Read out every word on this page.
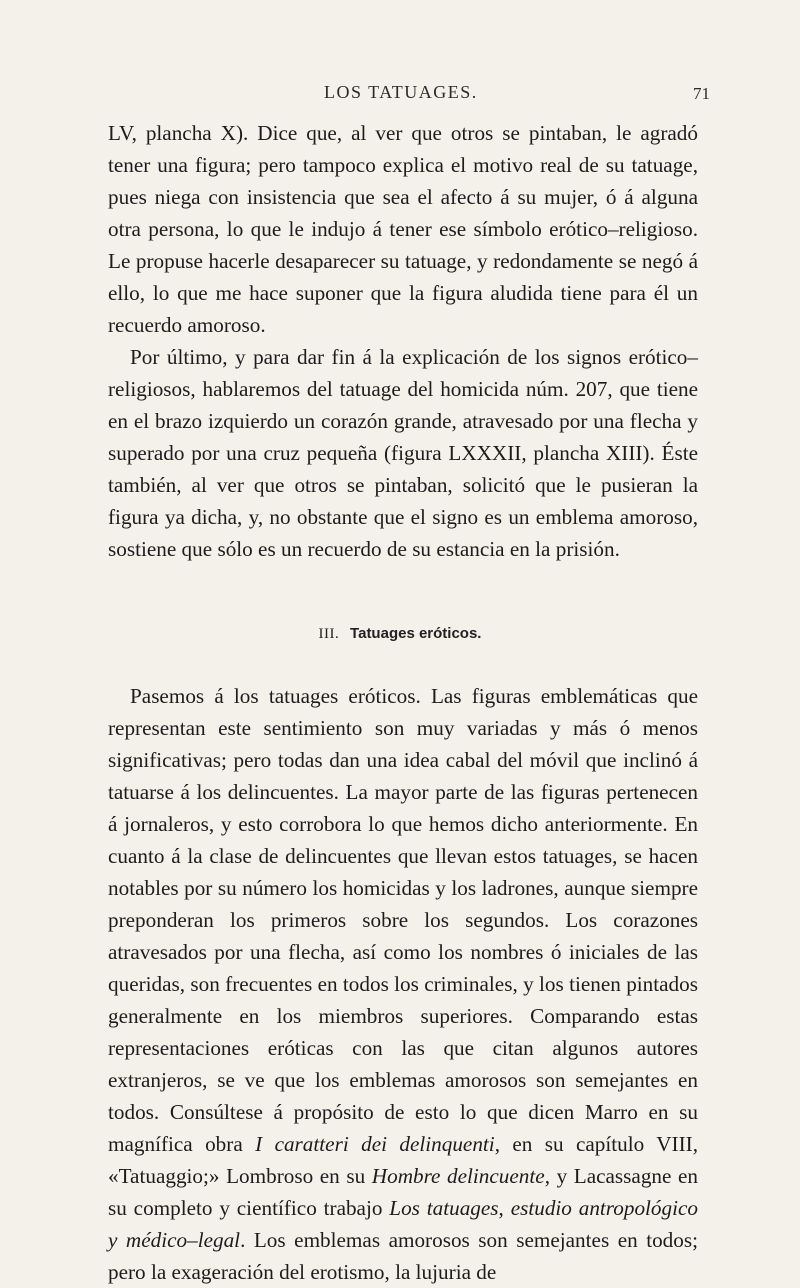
LOS TATUAGES.	71

LV, plancha X). Dice que, al ver que otros se pintaban, le agradó tener una figura; pero tampoco explica el motivo real de su tatuage, pues niega con insistencia que sea el afecto á su mujer, ó á alguna otra persona, lo que le indujo á tener ese símbolo erótico–religioso. Le propuse hacerle desaparecer su tatuage, y redondamente se negó á ello, lo que me hace suponer que la figura aludida tiene para él un recuerdo amoroso.

Por último, y para dar fin á la explicación de los signos erótico–religiosos, hablaremos del tatuage del homicida núm. 207, que tiene en el brazo izquierdo un corazón grande, atravesado por una flecha y superado por una cruz pequeña (figura LXXXII, plancha XIII). Éste también, al ver que otros se pintaban, solicitó que le pusieran la figura ya dicha, y, no obstante que el signo es un emblema amoroso, sostiene que sólo es un recuerdo de su estancia en la prisión.

III. Tatuages eróticos.

Pasemos á los tatuages eróticos. Las figuras emblemáticas que representan este sentimiento son muy variadas y más ó menos significativas; pero todas dan una idea cabal del móvil que inclinó á tatuarse á los delincuentes. La mayor parte de las figuras pertenecen á jornaleros, y esto corrobora lo que hemos dicho anteriormente. En cuanto á la clase de delincuentes que llevan estos tatuages, se hacen notables por su número los homicidas y los ladrones, aunque siempre preponderan los primeros sobre los segundos. Los corazones atravesados por una flecha, así como los nombres ó iniciales de las queridas, son frecuentes en todos los criminales, y los tienen pintados generalmente en los miembros superiores. Comparando estas representaciones eróticas con las que citan algunos autores extranjeros, se ve que los emblemas amorosos son semejantes en todos. Consúltese á propósito de esto lo que dicen Marro en su magnífica obra I caratteri dei delinquenti, en su capítulo VIII, «Tatuaggio;» Lombroso en su Hombre delincuente, y Lacassagne en su completo y científico trabajo Los tatuages, estudio antropológico y médico–legal. Los emblemas amorosos son semejantes en todos; pero la exageración del erotismo, la lujuria de
